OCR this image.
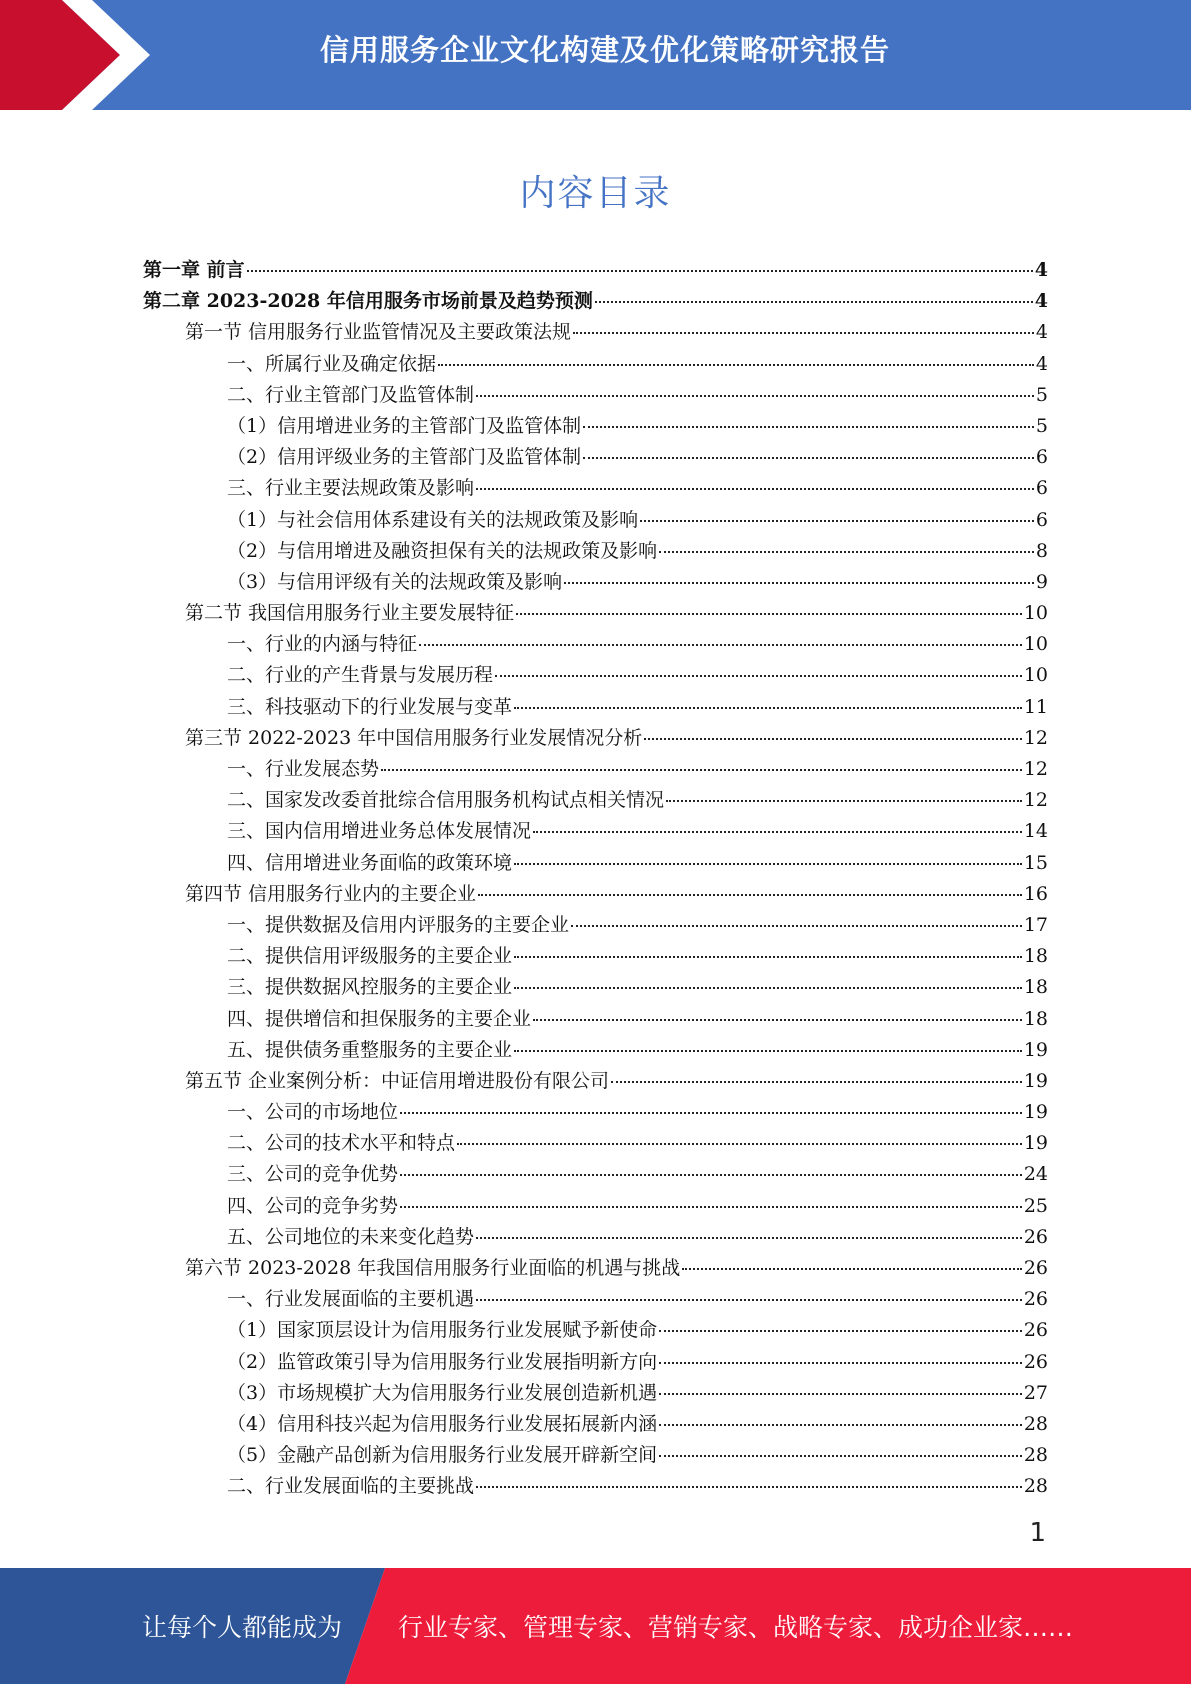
信用服务企业文化构建及优化策略研究报告
内容目录
第一章 前言	4
第二章 2023-2028 年信用服务市场前景及趋势预测	4
第一节 信用服务行业监管情况及主要政策法规	4
一、所属行业及确定依据	4
二、行业主管部门及监管体制	5
（1）信用增进业务的主管部门及监管体制	5
（2）信用评级业务的主管部门及监管体制	6
三、行业主要法规政策及影响	6
（1）与社会信用体系建设有关的法规政策及影响	6
（2）与信用增进及融资担保有关的法规政策及影响	8
（3）与信用评级有关的法规政策及影响	9
第二节 我国信用服务行业主要发展特征	10
一、行业的内涵与特征	10
二、行业的产生背景与发展历程	10
三、科技驱动下的行业发展与变革	11
第三节 2022-2023 年中国信用服务行业发展情况分析	12
一、行业发展态势	12
二、国家发改委首批综合信用服务机构试点相关情况	12
三、国内信用增进业务总体发展情况	14
四、信用增进业务面临的政策环境	15
第四节 信用服务行业内的主要企业	16
一、提供数据及信用内评服务的主要企业	17
二、提供信用评级服务的主要企业	18
三、提供数据风控服务的主要企业	18
四、提供增信和担保服务的主要企业	18
五、提供债务重整服务的主要企业	19
第五节 企业案例分析：中证信用增进股份有限公司	19
一、公司的市场地位	19
二、公司的技术水平和特点	19
三、公司的竞争优势	24
四、公司的竞争劣势	25
五、公司地位的未来变化趋势	26
第六节 2023-2028 年我国信用服务行业面临的机遇与挑战	26
一、行业发展面临的主要机遇	26
（1）国家顶层设计为信用服务行业发展赋予新使命	26
（2）监管政策引导为信用服务行业发展指明新方向	26
（3）市场规模扩大为信用服务行业发展创造新机遇	27
（4）信用科技兴起为信用服务行业发展拓展新内涵	28
（5）金融产品创新为信用服务行业发展开辟新空间	28
二、行业发展面临的主要挑战	28
1
让每个人都能成为 行业专家、管理专家、营销专家、战略专家、成功企业家……
